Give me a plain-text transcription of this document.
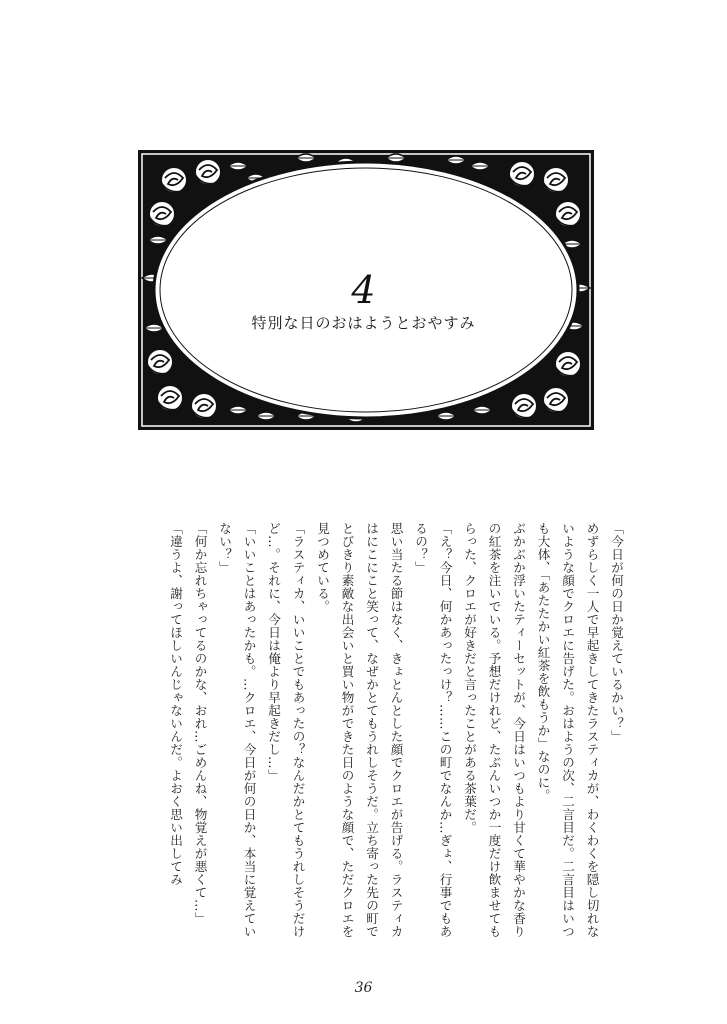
4
特別な日のおはようとおやすみ

「今日が何の日か覚えているかい？」

めずらしく一人で早起きしてきたラスティカが、わくわくを隠し切れないような顔でクロエに告げた。おはようの次、二言目だ。二言目はいつも大体、「あたたかい紅茶を飲もうか」なのに。

ぶかぶか浮いたティーセットが、今日はいつもより甘くて華やかな香りの紅茶を注いでいる。予想だけれど、たぶんいつか一度だけ飲ませてもらった、クロエが好きだと言ったことがある茶葉だ。

「え？今日、何かあったっけ？……この町でなんか…ぎょ、行事でもあるの？」

思い当たる節はなく、きょとんとした顔でクロエが告げる。ラスティカはにこにこと笑って、なぜかとてもうれしそうだ。立ち寄った先の町でとびきり素敵な出会いと買い物ができた日のような顔で、ただクロエを見つめている。

「ラスティカ、いいことでもあったの？なんだかとてもうれしそうだけど…。それに、今日は俺より早起きだし…」

「いいことはあったかも。…クロエ、今日が何の日か、本当に覚えていない？」

「何か忘れちゃってるのかな、おれ…ごめんね、物覚えが悪くて…」

「違うよ、謝ってほしいんじゃないんだ。よおく思い出してみ

36
